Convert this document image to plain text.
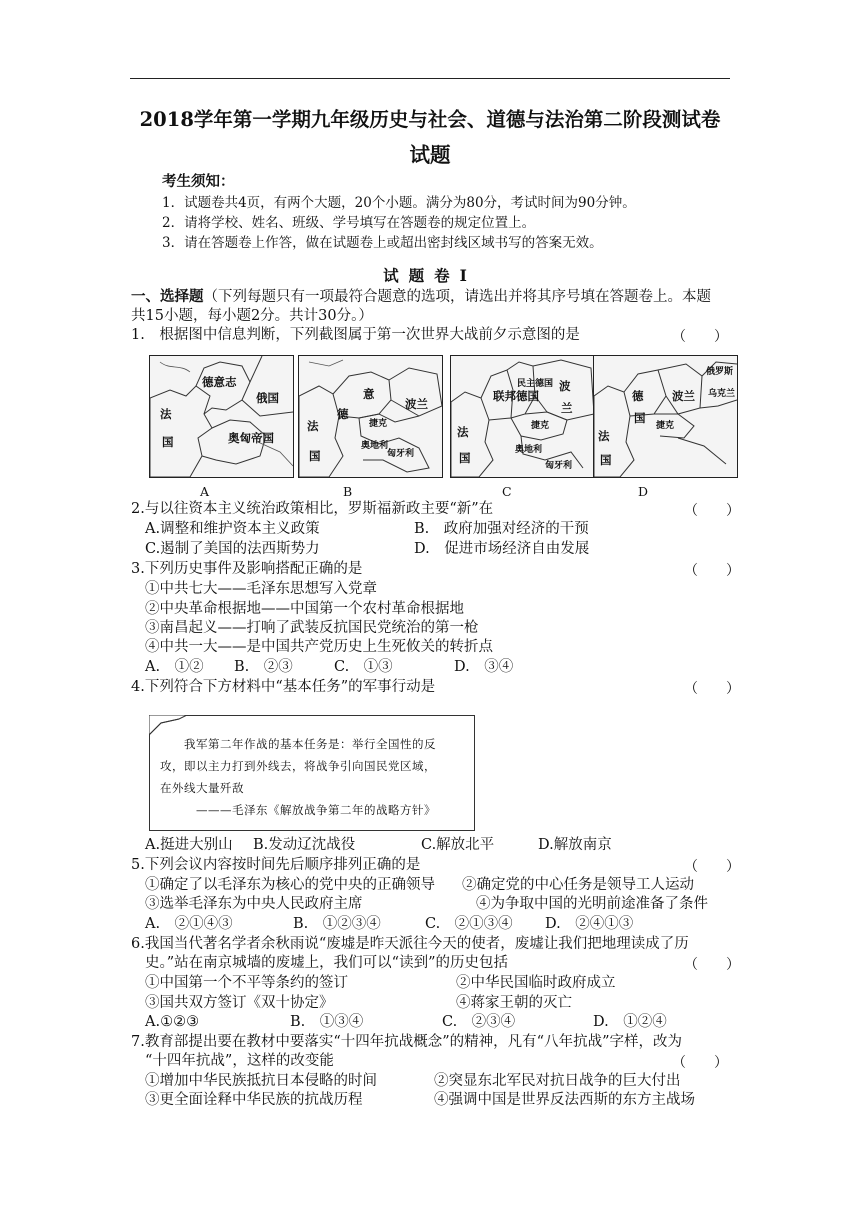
2018学年第一学期九年级历史与社会、道德与法治第二阶段测试卷
试题
考生须知：
1．试题卷共4页，有两个大题，20个小题。满分为80分，考试时间为90分钟。
2．请将学校、姓名、班级、学号填写在答题卷的规定位置上。
3．请在答题卷上作答，做在试题卷上或超出密封线区域书写的答案无效。
试题卷Ⅰ
一、选择题（下列每题只有一项最符合题意的选项，请选出并将其序号填在答题卷上。本题
共15小题，每小题2分。共计30分。）
1.　根据图中信息判断，下列截图属于第一次世界大战前夕示意图的是	（　　）
德意志
俄国
法
国	奥匈帝国
意
德
法
国
波兰
捷克
奥地利
匈牙利
联邦德国
民主德国 波
兰
法
国
捷克
奥地利
匈牙利
德
国
法
国
波兰
捷克
俄罗斯
乌克兰
A	B	C	D
2.与以往资本主义统治政策相比，罗斯福新政主要“新”在	（　　）
A.调整和维护资本主义政策	B.　政府加强对经济的干预
C.遏制了美国的法西斯势力	D.　促进市场经济自由发展
3.下列历史事件及影响搭配正确的是	（　　）
①中共七大——毛泽东思想写入党章
②中央革命根据地——中国第一个农村革命根据地
③南昌起义——打响了武装反抗国民党统治的第一枪
④中共一大——是中国共产党历史上生死攸关的转折点
A.　①② B.　②③	C.　①③	D.　③④
4.下列符合下方材料中“基本任务”的军事行动是	（　　）
我军第二年作战的基本任务是：举行全国性的反
攻，即以主力打到外线去，将战争引向国民党区域，
在外线大量歼敌
———毛泽东《解放战争第二年的战略方针》
A.挺进大别山 B.发动辽沈战役	C.解放北平	D.解放南京
5.下列会议内容按时间先后顺序排列正确的是	（　　）
①确定了以毛泽东为核心的党中央的正确领导 ②确定党的中心任务是领导工人运动
③选举毛泽东为中央人民政府主席	④为争取中国的光明前途准备了条件
A.　②①④③	B.　①②③④	C.　②①③④ D.　②④①③
6.我国当代著名学者余秋雨说“废墟是昨天派往今天的使者，废墟让我们把地理读成了历
史。”站在南京城墙的废墟上，我们可以“读到”的历史包括	（　　）
①中国第一个不平等条约的签订	②中华民国临时政府成立
③国共双方签订《双十协定》	④蒋家王朝的灭亡
A.①②③	B.　①③④	C.　②③④	D.　①②④
7.教育部提出要在教材中要落实“十四年抗战概念”的精神，凡有“八年抗战”字样，改为
“十四年抗战”，这样的改变能	（　　）
①增加中华民族抵抗日本侵略的时间	②突显东北军民对抗日战争的巨大付出
③更全面诠释中华民族的抗战历程	④强调中国是世界反法西斯的东方主战场
